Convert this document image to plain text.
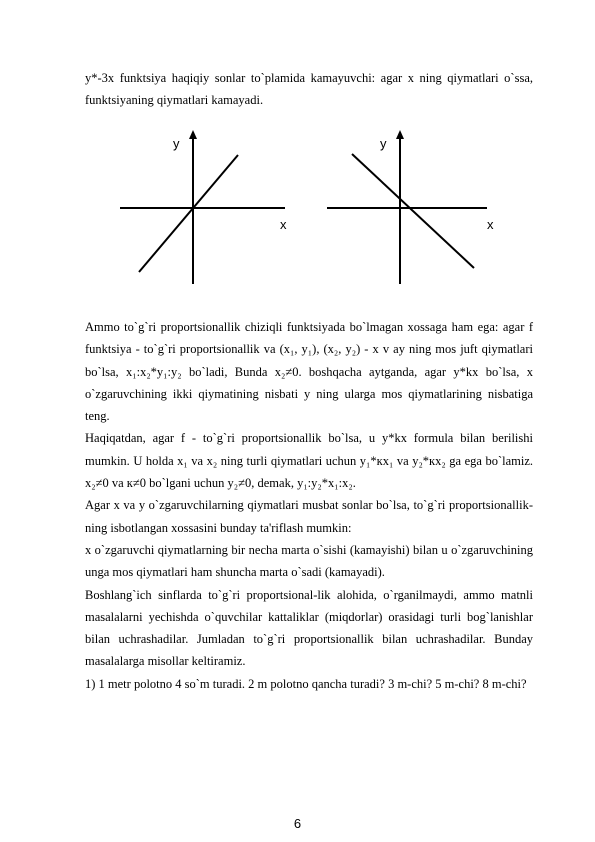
y*-3x funktsiya haqiqiy sonlar to`plamida kamayuvchi: agar x ning qiymatlari o`ssa, funktsiyaning qiymatlari kamayadi.

y
x
y
x

Ammo to`g`ri proportsionallik chiziqli funktsiyada bo`lmagan xossaga ham ega: agar f funktsiya - to`g`ri proportsionallik va (x₁, y₁), (x₂, y₂) - x v ay ning mos juft qiymatlari bo`lsa, x₁:x₂*y₁:y₂ bo`ladi, Bunda x₂≠0. boshqacha aytganda, agar y*kx bo`lsa, x o`zgaruvchining ikki qiymatining nisbati y ning ularga mos qiymatlarining nisbatiga teng.

Haqiqatdan, agar f - to`g`ri proportsionallik bo`lsa, u y*kx formula bilan berilishi mumkin. U holda x₁ va x₂ ning turli qiymatlari uchun y₁*кx₁ va y₂*кx₂ ga ega bo`lamiz. x₂≠0 va к≠0 bo`lgani uchun y₂≠0, demak, y₁:y₂*x₁:x₂.

Agar x va y o`zgaruvchilarning qiymatlari musbat sonlar bo`lsa, to`g`ri proportsionallik-ning isbotlangan xossasini bunday ta'riflash mumkin:

x o`zgaruvchi qiymatlarning bir necha marta o`sishi (kamayishi) bilan u o`zgaruvchining unga mos qiymatlari ham shuncha marta o`sadi (kamayadi).

Boshlang`ich sinflarda to`g`ri proportsional-lik alohida, o`rganilmaydi, ammo matnli masalalarni yechishda o`quvchilar kattaliklar (miqdorlar) orasidagi turli bog`lanishlar bilan uchrashadilar. Jumladan to`g`ri proportsionallik bilan uchrashadilar. Bunday masalalarga misollar keltiramiz.

1) 1 metr polotno 4 so`m turadi. 2 m polotno qancha turadi? 3 m-chi? 5 m-chi? 8 m-chi?

6
